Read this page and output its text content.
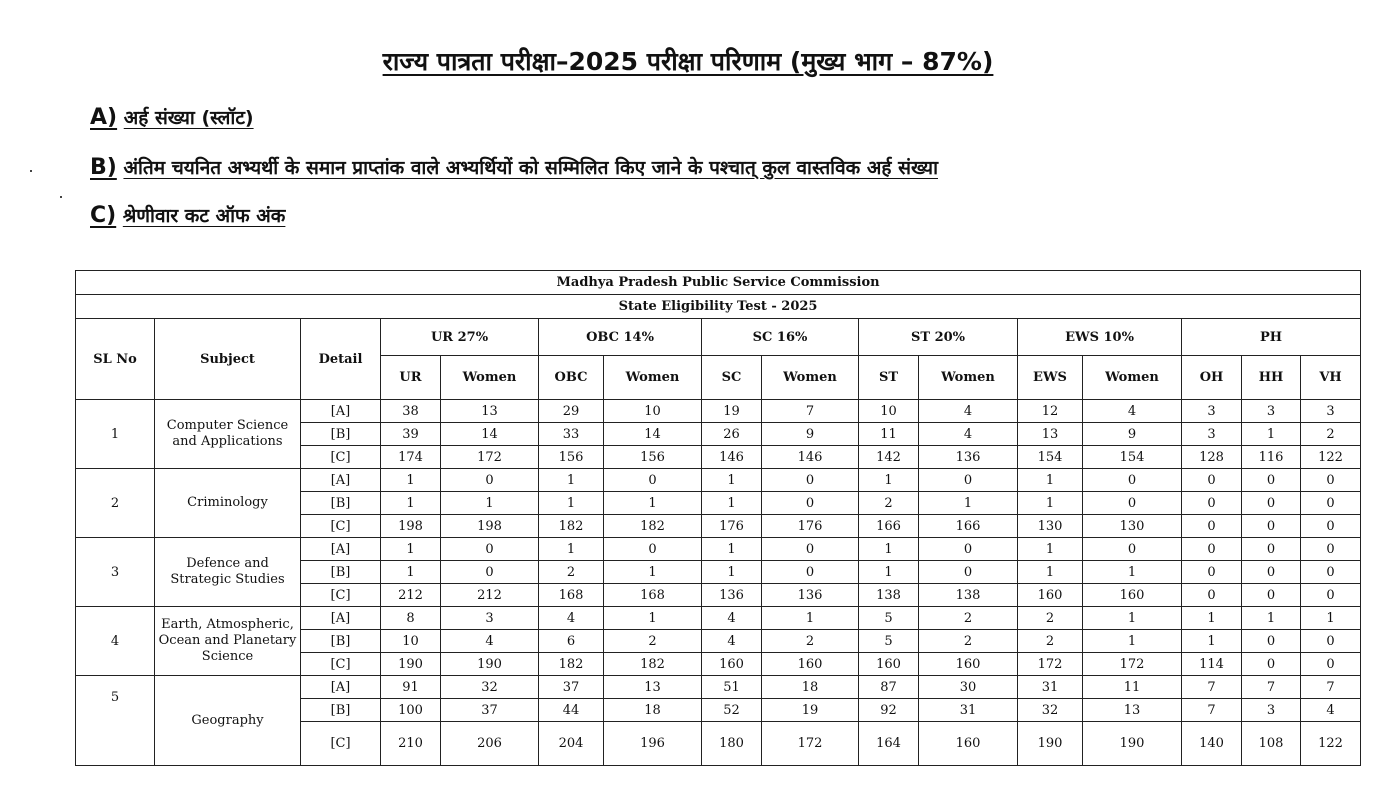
राज्य पात्रता परीक्षा–2025 परीक्षा परिणाम (मुख्य भाग – 87%)
A) अर्ह संख्या (स्लॉट)
B) अंतिम चयनित अभ्यर्थी के समान प्राप्तांक वाले अभ्यर्थियों को सम्मिलित किए जाने के पश्चात् कुल वास्तविक अर्ह संख्या
C) श्रेणीवार कट ऑफ अंक
Madhya Pradesh Public Service Commission															
State Eligibility Test - 2025															
SL No	Subject	Detail	UR 27%		OBC 14%		SC 16%		ST 20%		EWS 10%		PH		
			UR	Women	OBC	Women	SC	Women	ST	Women	EWS	Women	OH	HH	VH
1	Computer Science and Applications	[A]	38	13	29	10	19	7	10	4	12	4	3	3	3
		[B]	39	14	33	14	26	9	11	4	13	9	3	1	2
		[C]	174	172	156	156	146	146	142	136	154	154	128	116	122
2	Criminology	[A]	1	0	1	0	1	0	1	0	1	0	0	0	0
		[B]	1	1	1	1	1	0	2	1	1	0	0	0	0
		[C]	198	198	182	182	176	176	166	166	130	130	0	0	0
3	Defence and Strategic Studies	[A]	1	0	1	0	1	0	1	0	1	0	0	0	0
		[B]	1	0	2	1	1	0	1	0	1	1	0	0	0
		[C]	212	212	168	168	136	136	138	138	160	160	0	0	0
4	Earth, Atmospheric, Ocean and Planetary Science	[A]	8	3	4	1	4	1	5	2	2	1	1	1	1
		[B]	10	4	6	2	4	2	5	2	2	1	1	0	0
		[C]	190	190	182	182	160	160	160	160	172	172	114	0	0
5	Geography	[A]	91	32	37	13	51	18	87	30	31	11	7	7	7
		[B]	100	37	44	18	52	19	92	31	32	13	7	3	4
		[C]	210	206	204	196	180	172	164	160	190	190	140	108	122
